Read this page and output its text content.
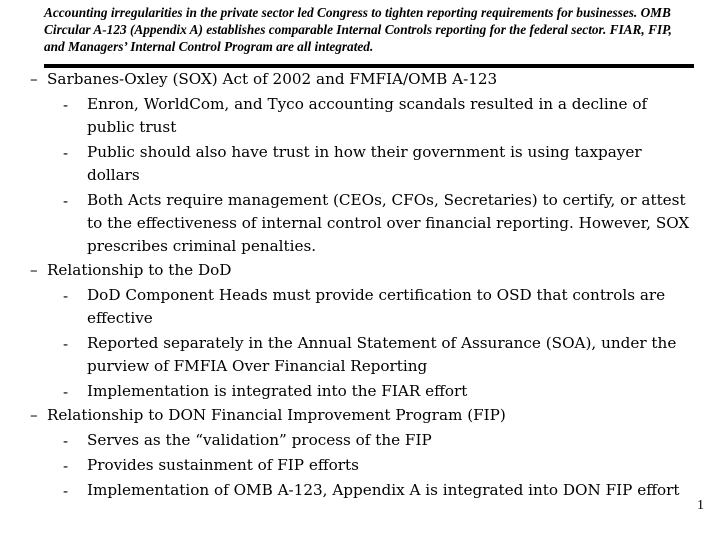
Accounting irregularities in the private sector led Congress to tighten reporting requirements for businesses. OMB Circular A-123 (Appendix A) establishes comparable Internal Controls reporting for the federal sector. FIAR, FIP, and Managers’ Internal Control Program are all integrated.

– Sarbanes-Oxley (SOX) Act of 2002 and FMFIA/OMB A-123
- Enron, WorldCom, and Tyco accounting scandals resulted in a decline of public trust
- Public should also have trust in how their government is using taxpayer dollars
- Both Acts require management (CEOs, CFOs, Secretaries) to certify, or attest to the effectiveness of internal control over financial reporting. However, SOX prescribes criminal penalties.
– Relationship to the DoD
- DoD Component Heads must provide certification to OSD that controls are effective
- Reported separately in the Annual Statement of Assurance (SOA), under the purview of FMFIA Over Financial Reporting
- Implementation is integrated into the FIAR effort
– Relationship to DON Financial Improvement Program (FIP)
- Serves as the “validation” process of the FIP
- Provides sustainment of FIP efforts
- Implementation of OMB A-123, Appendix A is integrated into DON FIP effort
1
